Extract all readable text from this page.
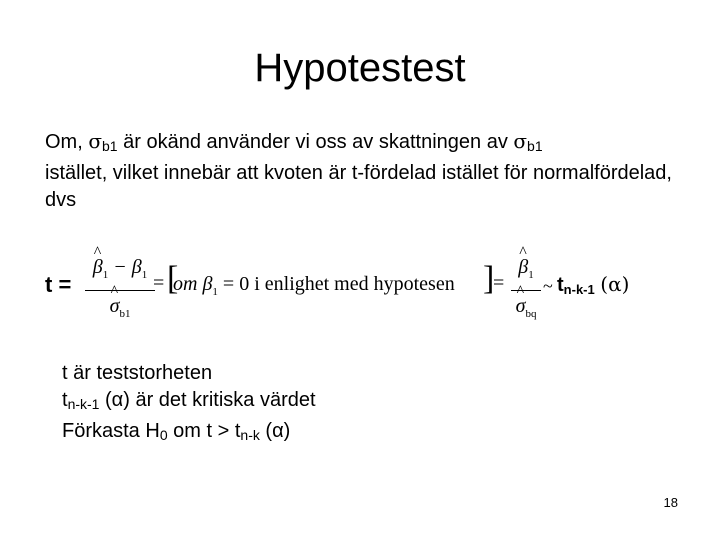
Hypotestest
Om, $\sigma_{b1}$ är okänd använder vi oss av skattningen av $\sigma_{b1}$
istället, vilket innebär att kvoten är t-fördelad istället för normalfördelad, dvs
t =
^ $\beta_1 - \beta_1$
^ $\sigma_{b1}$
= [
om $\beta_1 = 0$ i enlighet med hypotesen ]
=
^ $\beta_1$
^ $\sigma_{bq}$
~ $t_{n-k-1}$ (α)
t är teststorheten
$t_{n-k-1}$ (α) är det kritiska värdet
Förkasta $H_0$ om $t > t_{n-k}$ (α)
18
